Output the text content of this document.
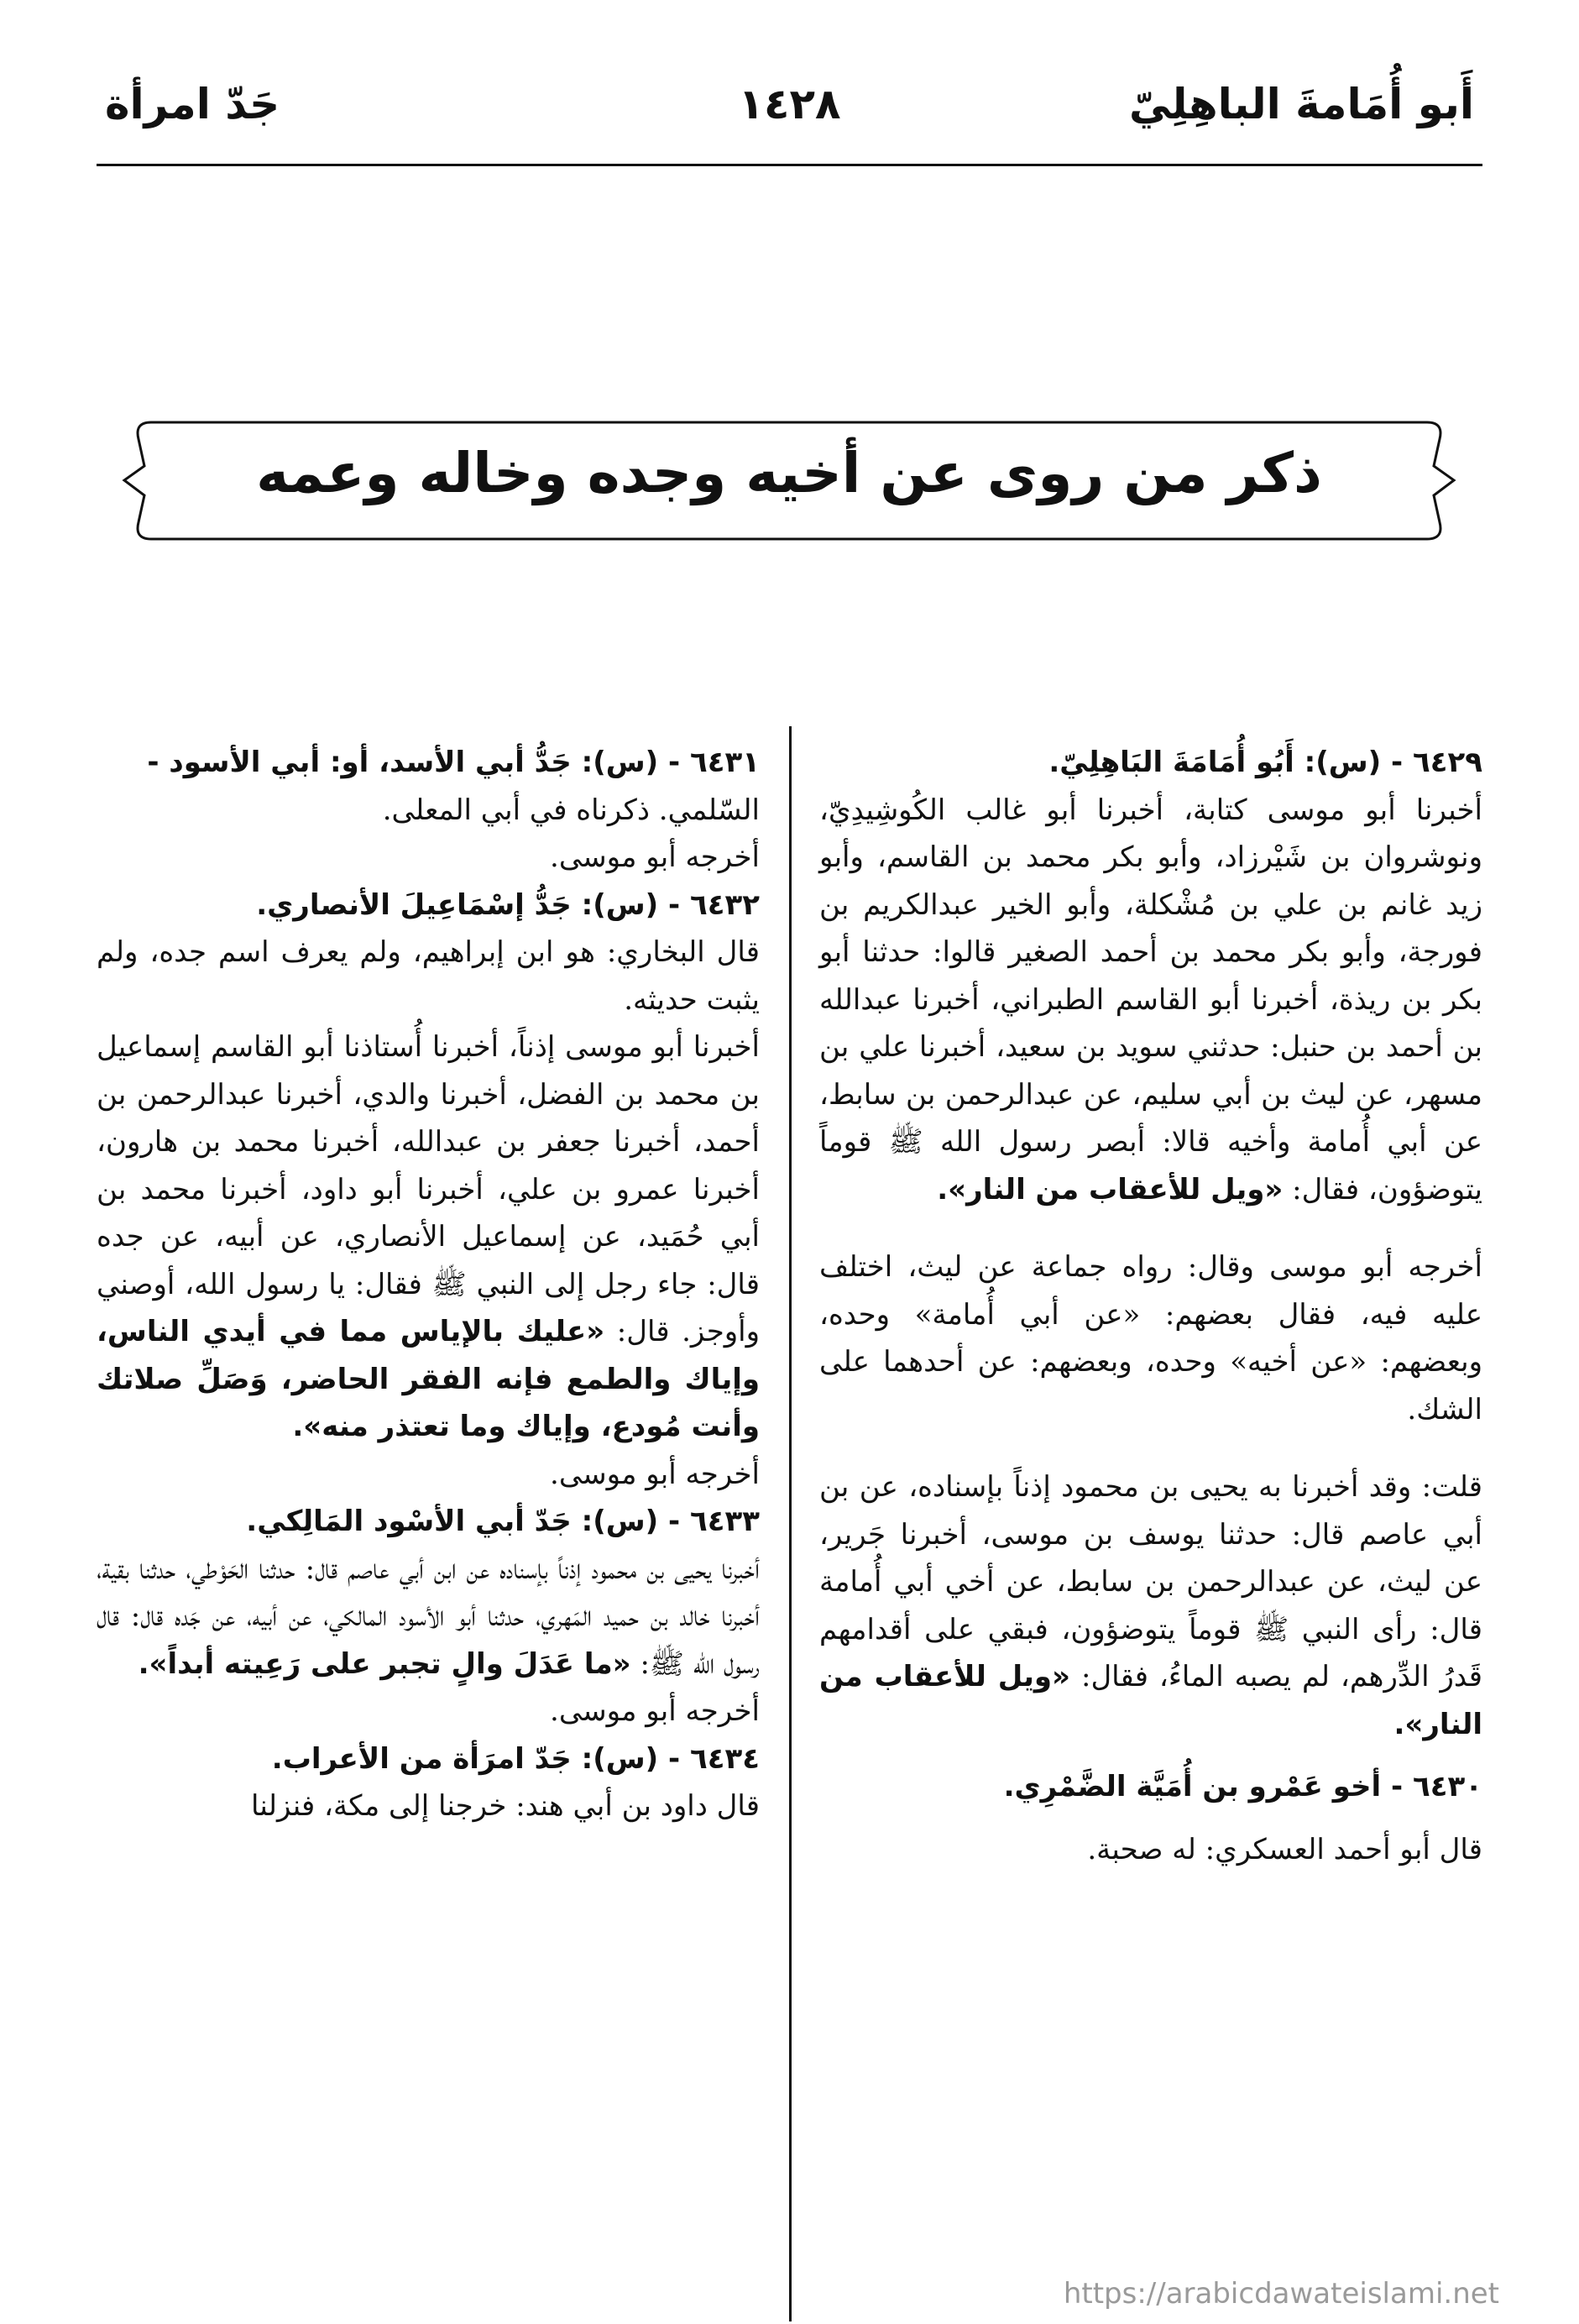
أَبو أُمَامةَ الباهِلِيّ
١٤٢٨
جَدّ امرأة
ذكر من روى عن أخيه وجده وخاله وعمه

٦٤٢٩ - (س): أَبُو أُمَامَةَ البَاهِلِيّ.

أخبرنا أبو موسى كتابة، أخبرنا أبو غالب الكُوشِيدِيّ، ونوشروان بن شَيْرزاد، وأبو بكر محمد بن القاسم، وأبو زيد غانم بن علي بن مُشْكلة، وأبو الخير عبدالكريم بن فورجة، وأبو بكر محمد بن أحمد الصغير قالوا: حدثنا أبو بكر بن ريذة، أخبرنا أبو القاسم الطبراني، أخبرنا عبدالله بن أحمد بن حنبل: حدثني سويد بن سعيد، أخبرنا علي بن مسهر، عن ليث بن أبي سليم، عن عبدالرحمن بن سابط، عن أبي أُمامة وأخيه قالا: أبصر رسول الله ﷺ قوماً يتوضؤون، فقال: «ويل للأعقاب من النار».

أخرجه أبو موسى وقال: رواه جماعة عن ليث، اختلف عليه فيه، فقال بعضهم: «عن أبي أُمامة» وحده، وبعضهم: «عن أخيه» وحده، وبعضهم: عن أحدهما على الشك.

قلت: وقد أخبرنا به يحيى بن محمود إذناً بإسناده، عن بن أبي عاصم قال: حدثنا يوسف بن موسى، أخبرنا جَرير، عن ليث، عن عبدالرحمن بن سابط، عن أخي أبي أُمامة قال: رأى النبي ﷺ قوماً يتوضؤون، فبقي على أقدامهم قَدرُ الدِّرهم، لم يصبه الماءُ، فقال: «ويل للأعقاب من النار».

٦٤٣٠ - أخو عَمْرو بن أُمَيَّة الضَّمْرِي.

قال أبو أحمد العسكري: له صحبة.

٦٤٣١ - (س): جَدُّ أبي الأسد، أو: أبي الأسود -

السّلمي. ذكرناه في أبي المعلى.

أخرجه أبو موسى.

٦٤٣٢ - (س): جَدُّ إسْمَاعِيلَ الأنصاري.

قال البخاري: هو ابن إبراهيم، ولم يعرف اسم جده، ولم يثبت حديثه.

أخبرنا أبو موسى إذناً، أخبرنا أُستاذنا أبو القاسم إسماعيل بن محمد بن الفضل، أخبرنا والدي، أخبرنا عبدالرحمن بن أحمد، أخبرنا جعفر بن عبدالله، أخبرنا محمد بن هارون، أخبرنا عمرو بن علي، أخبرنا أبو داود، أخبرنا محمد بن أبي حُمَيد، عن إسماعيل الأنصاري، عن أبيه، عن جده قال: جاء رجل إلى النبي ﷺ فقال: يا رسول الله، أوصني وأوجز. قال: «عليك بالإياس مما في أيدي الناس، وإياك والطمع فإنه الفقر الحاضر، وَصَلِّ صلاتك وأنت مُودع، وإياك وما تعتذر منه».

أخرجه أبو موسى.

٦٤٣٣ - (س): جَدّ أبي الأسْود المَالِكي.

أخبرنا يحيى بن محمود إذناً بإسناده عن ابن أبي عاصم قال: حدثنا الحَوْطي، حدثنا بقية، أخبرنا خالد بن حميد المَهري، حدثنا أبو الأسود المالكي، عن أبيه، عن جَده قال: قال رسول الله ﷺ: «ما عَدَلَ والٍ تجبر على رَعِيته أبداً».

أخرجه أبو موسى.

٦٤٣٤ - (س): جَدّ امرَأة من الأعراب.

قال داود بن أبي هند: خرجنا إلى مكة، فنزلنا

https://arabicdawateislami.net
